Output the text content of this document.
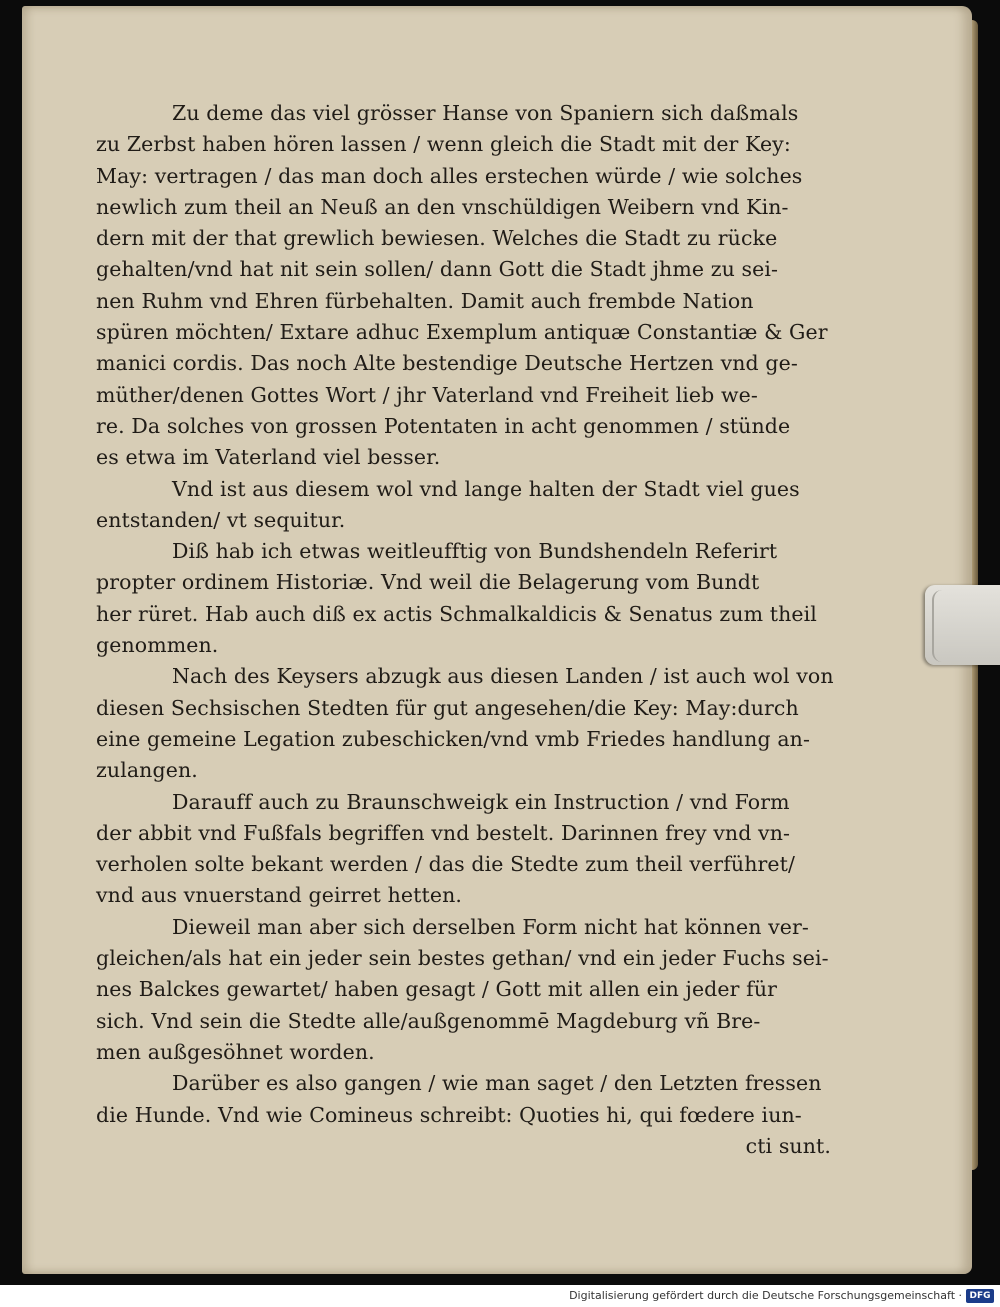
Zu deme das viel grösser Hanse von Spaniern sich daßmals
zu Zerbst haben hören lassen / wenn gleich die Stadt mit der Key:
May: vertragen / das man doch alles erstechen würde / wie solches
newlich zum theil an Neuß an den vnschüldigen Weibern vnd Kin-
dern mit der that grewlich bewiesen. Welches die Stadt zu rücke
gehalten/vnd hat nit sein sollen/ dann Gott die Stadt jhme zu sei-
nen Ruhm vnd Ehren fürbehalten. Damit auch frembde Nation
spüren möchten/ Extare adhuc Exemplum antiquæ Constantiæ & Ger
manici cordis. Das noch Alte bestendige Deutsche Hertzen vnd ge-
müther/denen Gottes Wort / jhr Vaterland vnd Freiheit lieb we-
re. Da solches von grossen Potentaten in acht genommen / stünde
es etwa im Vaterland viel besser.
Vnd ist aus diesem wol vnd lange halten der Stadt viel gues
entstanden/ vt sequitur.
Diß hab ich etwas weitleufftig von Bundshendeln Referirt
propter ordinem Historiæ. Vnd weil die Belagerung vom Bundt
her rüret. Hab auch diß ex actis Schmalkaldicis & Senatus zum theil
genommen.
Nach des Keysers abzugk aus diesen Landen / ist auch wol von
diesen Sechsischen Stedten für gut angesehen/die Key: May:durch
eine gemeine Legation zubeschicken/vnd vmb Friedes handlung an-
zulangen.
Darauff auch zu Braunschweigk ein Instruction / vnd Form
der abbit vnd Fußfals begriffen vnd bestelt. Darinnen frey vnd vn-
verholen solte bekant werden / das die Stedte zum theil verführet/
vnd aus vnuerstand geirret hetten.
Dieweil man aber sich derselben Form nicht hat können ver-
gleichen/als hat ein jeder sein bestes gethan/ vnd ein jeder Fuchs sei-
nes Balckes gewartet/ haben gesagt / Gott mit allen ein jeder für
sich. Vnd sein die Stedte alle/außgenommē Magdeburg vñ Bre-
men außgesöhnet worden.
Darüber es also gangen / wie man saget / den Letzten fressen
die Hunde. Vnd wie Comineus schreibt: Quoties hi, qui fœdere iun-
cti sunt.
Digitalisierung gefördert durch die Deutsche Forschungsgemeinschaft · DFG
